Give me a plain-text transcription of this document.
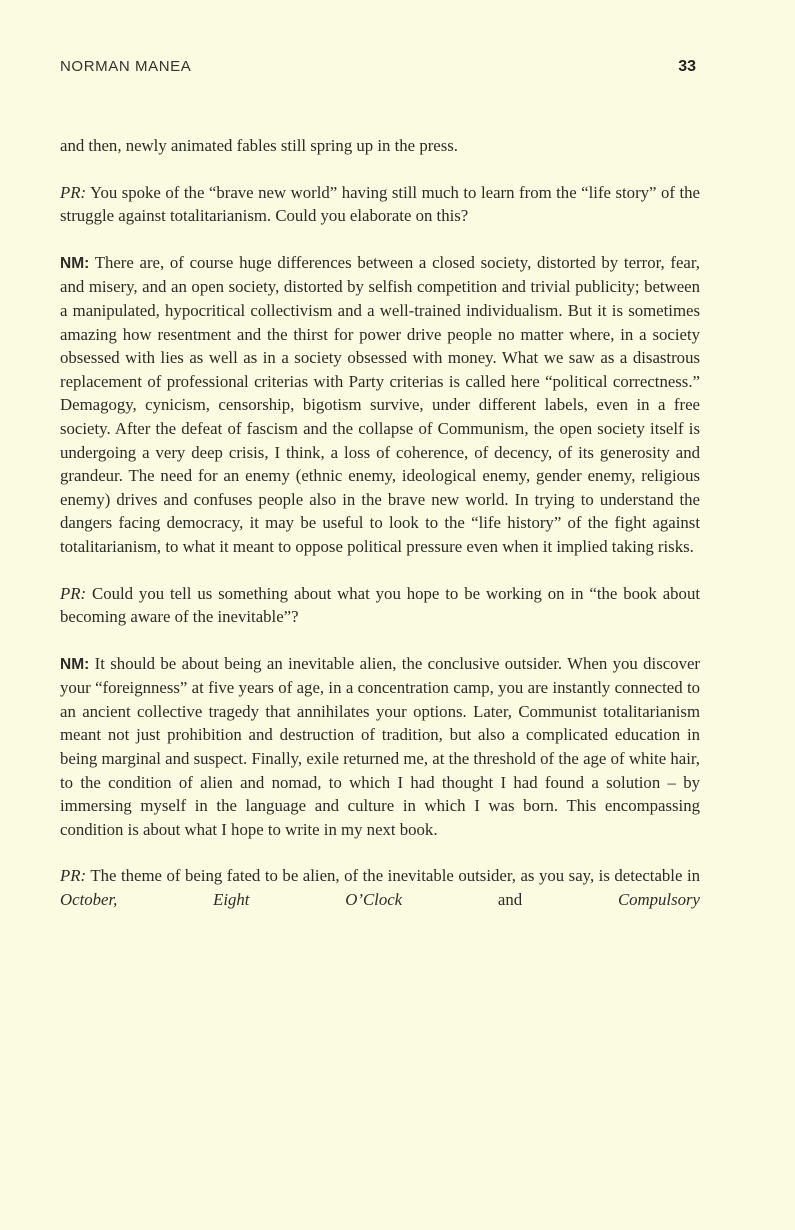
NORMAN MANEA	33

and then, newly animated fables still spring up in the press.

PR: You spoke of the “brave new world” having still much to learn from the “life story” of the struggle against totalitarianism. Could you elaborate on this?

NM: There are, of course huge differences between a closed society, distorted by terror, fear, and misery, and an open society, distorted by selfish competition and trivial publicity; between a manipulated, hypocritical collectivism and a well-trained individualism. But it is sometimes amazing how resentment and the thirst for power drive people no matter where, in a society obsessed with lies as well as in a society obsessed with money. What we saw as a disastrous replacement of professional criterias with Party criterias is called here “political correctness.” Demagogy, cynicism, censorship, bigotism survive, under different labels, even in a free society. After the defeat of fascism and the collapse of Communism, the open society itself is undergoing a very deep crisis, I think, a loss of coherence, of decency, of its generosity and grandeur. The need for an enemy (ethnic enemy, ideological enemy, gender enemy, religious enemy) drives and confuses people also in the brave new world. In trying to understand the dangers facing democracy, it may be useful to look to the “life history” of the fight against totalitarianism, to what it meant to oppose political pressure even when it implied taking risks.

PR: Could you tell us something about what you hope to be working on in “the book about becoming aware of the inevitable”?

NM: It should be about being an inevitable alien, the conclusive outsider. When you discover your “foreignness” at five years of age, in a concentration camp, you are instantly connected to an ancient collective tragedy that annihilates your options. Later, Communist totalitarianism meant not just prohibition and destruction of tradition, but also a complicated education in being marginal and suspect. Finally, exile returned me, at the threshold of the age of white hair, to the condition of alien and nomad, to which I had thought I had found a solution – by immersing myself in the language and culture in which I was born. This encompassing condition is about what I hope to write in my next book.

PR: The theme of being fated to be alien, of the inevitable outsider, as you say, is detectable in October, Eight O’Clock	and	Compulsory
